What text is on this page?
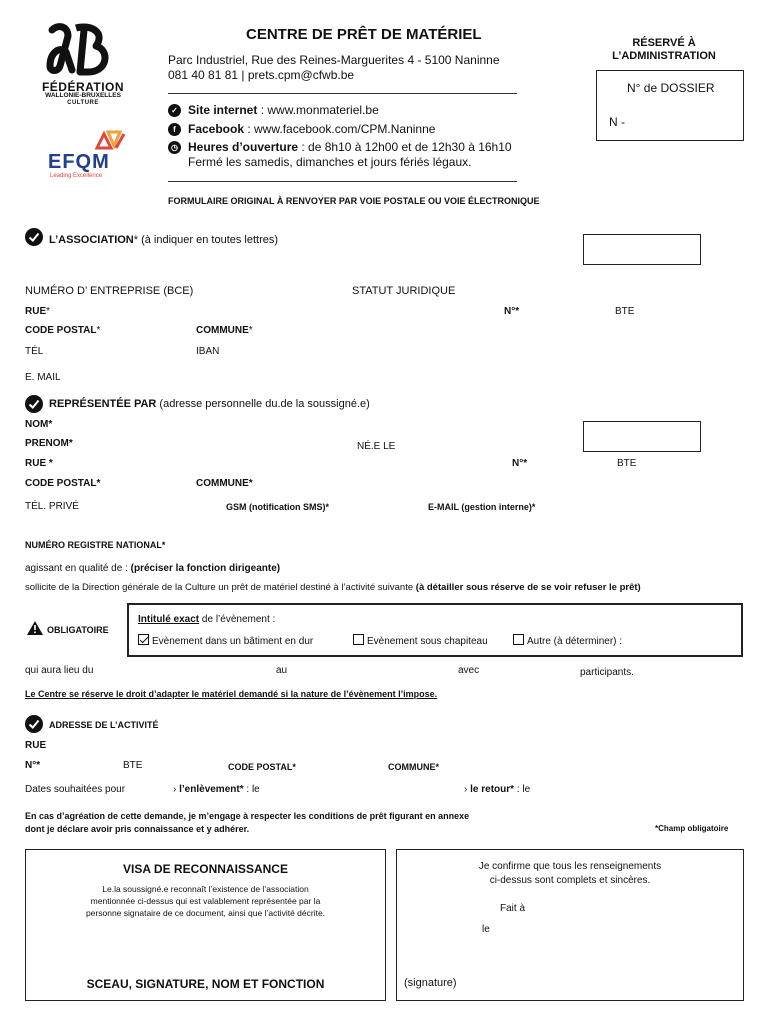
FÉDÉRATION
WALLONIE-BRUXELLES
CULTURE
EFQM
Leading Excellence
CENTRE DE PRÊT DE MATÉRIEL
Parc Industriel, Rue des Reines-Marguerites 4 - 5100 Naninne
081 40 81 81 | prets.cpm@cfwb.be
✓ Site internet : www.monmateriel.be
f	Facebook : www.facebook.com/CPM.Naninne
◷ Heures d’ouverture : de 8h10 à 12h00 et de 12h30 à 16h10
Fermé les samedis, dimanches et jours fériés légaux.
FORMULAIRE ORIGINAL À RENVOYER PAR VOIE POSTALE OU VOIE ÉLECTRONIQUE
RÉSERVÉ À
L’ADMINISTRATION
N° de DOSSIER
N -
L’ASSOCIATION* (à indiquer en toutes lettres)
NUMÉRO D’ ENTREPRISE (BCE)	STATUT JURIDIQUE
RUE*	N°*	BTE
CODE POSTAL*	COMMUNE*
TÉL	IBAN
E. MAIL
REPRÉSENTÉE PAR (adresse personnelle du.de la soussigné.e)
NOM*
PRENOM*	NÉ.E LE
RUE *	N°*	BTE
CODE POSTAL*	COMMUNE*
TÉL. PRIVÉ	GSM (notification SMS)*	E-MAIL (gestion interne)*
NUMÉRO REGISTRE NATIONAL*
agissant en qualité de : (préciser la fonction dirigeante)
sollicite de la Direction générale de la Culture un prêt de matériel destiné à l’activité suivante (à détailler sous réserve de se voir refuser le prêt)
OBLIGATOIRE
Intitulé exact de l’évènement :
Evènement dans un bâtiment en dur	Evènement sous chapiteau	Autre (à déterminer) :
qui aura lieu du	au	avec	participants.
Le Centre se réserve le droit d’adapter le matériel demandé si la nature de l’évènement l’impose.
ADRESSE DE L’ACTIVITÉ
RUE
N°*	BTE	CODE POSTAL*	COMMUNE*
Dates souhaitées pour	› l’enlèvement* : le	› le retour* : le
En cas d’agréation de cette demande, je m’engage à respecter les conditions de prêt figurant en annexe
dont je déclare avoir pris connaissance et y adhérer.	*Champ obligatoire
VISA DE RECONNAISSANCE
Le.la soussigné.e reconnaît l’existence de l’association
mentionnée ci-dessus qui est valablement représentée par la
personne signataire de ce document, ainsi que l’activité décrite.
SCEAU, SIGNATURE, NOM ET FONCTION
Je confirme que tous les renseignements
ci-dessus sont complets et sincères.
Fait à
le
(signature)
